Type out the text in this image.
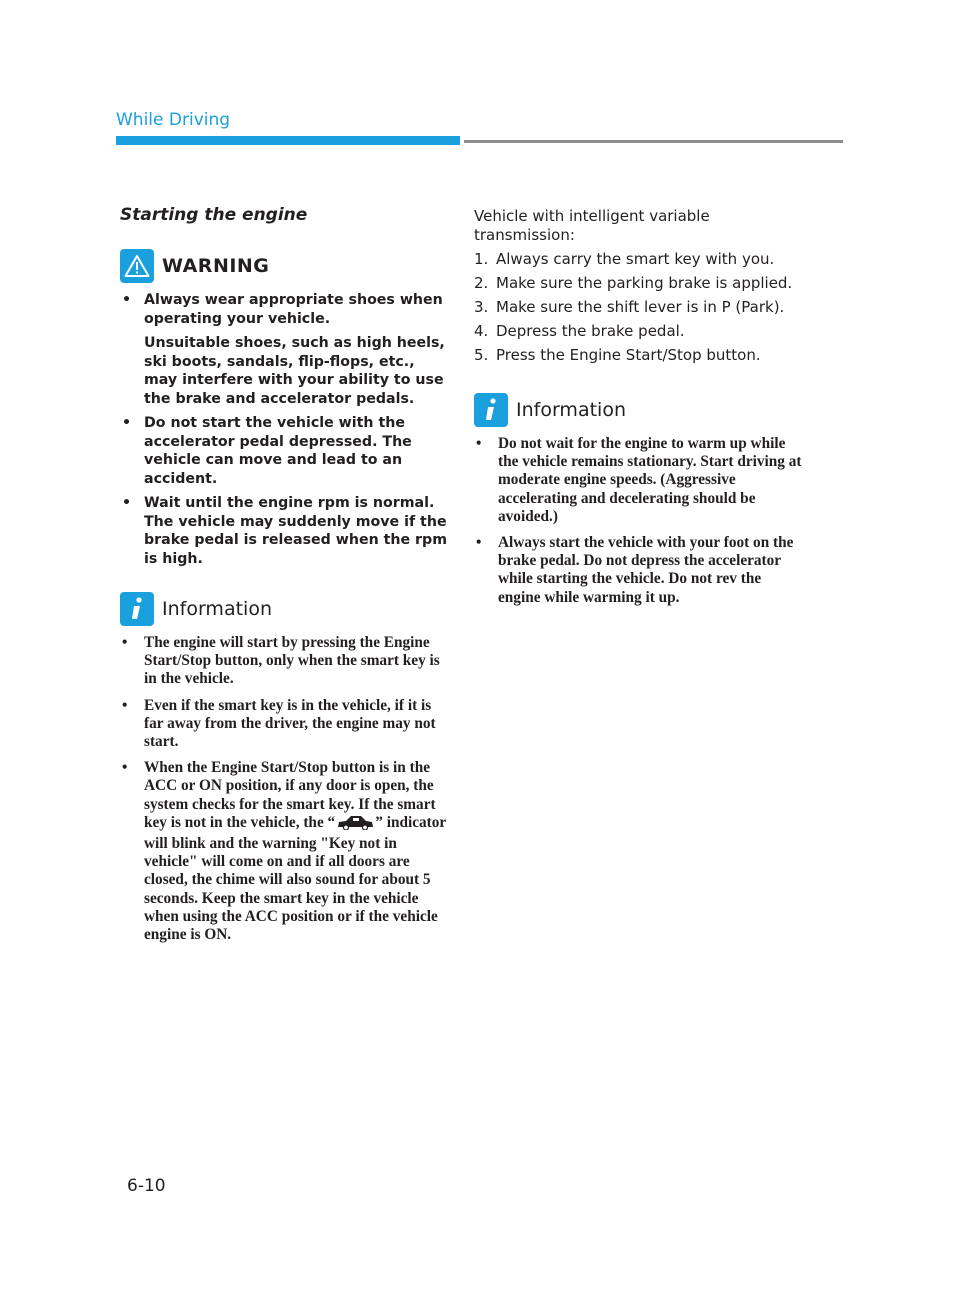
While Driving
Starting the engine
WARNING

• Always wear appropriate shoes when operating your vehicle.

Unsuitable shoes, such as high heels, ski boots, sandals, flip-flops, etc., may interfere with your ability to use the brake and accelerator pedals.

• Do not start the vehicle with the accelerator pedal depressed. The vehicle can move and lead to an accident.

• Wait until the engine rpm is normal. The vehicle may suddenly move if the brake pedal is released when the rpm is high.

Information
• The engine will start by pressing the Engine Start/Stop button, only when the smart key is in the vehicle.
• Even if the smart key is in the vehicle, if it is far away from the driver, the engine may not start.
• When the Engine Start/Stop button is in the ACC or ON position, if any door is open, the system checks for the smart key. If the smart key is not in the vehicle, the “	” indicator will blink and the warning "Key not in vehicle" will come on and if all doors are closed, the chime will also sound for about 5 seconds. Keep the smart key in the vehicle when using the ACC position or if the vehicle engine is ON.

Vehicle with intelligent variable transmission:

1. Always carry the smart key with you.
2. Make sure the parking brake is applied.
3. Make sure the shift lever is in P (Park).
4. Depress the brake pedal.
5. Press the Engine Start/Stop button.
Information
• Do not wait for the engine to warm up while the vehicle remains stationary. Start driving at moderate engine speeds. (Aggressive accelerating and decelerating should be avoided.)
• Always start the vehicle with your foot on the brake pedal. Do not depress the accelerator while starting the vehicle. Do not rev the engine while warming it up.
6-10
